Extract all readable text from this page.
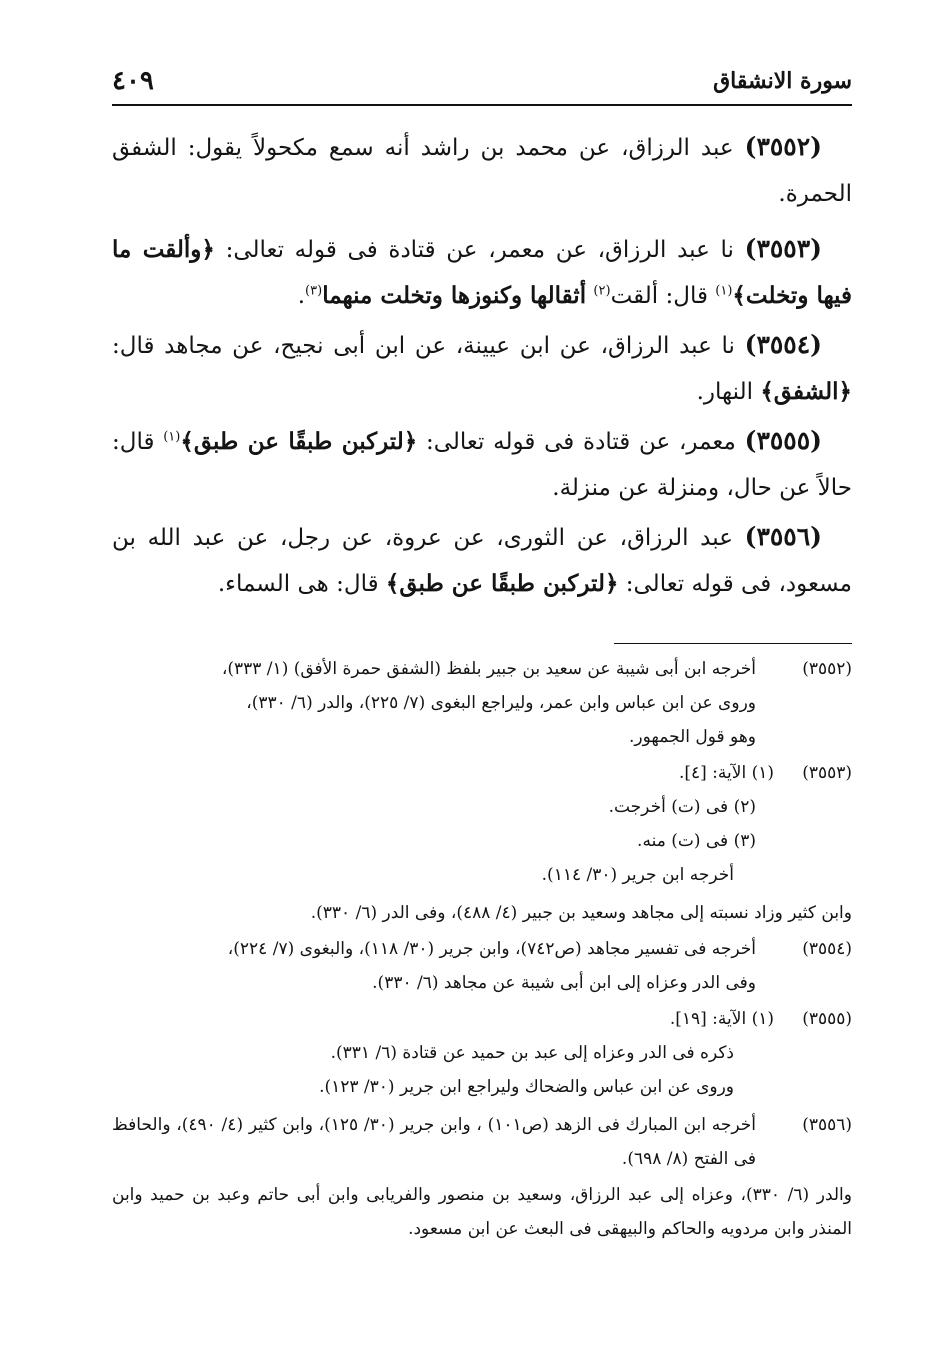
سورة الانشقاق
٤٠٩

(٣٥٥٢) عبد الرزاق، عن محمد بن راشد أنه سمع مكحولاً يقول: الشفق الحمرة.

(٣٥٥٣) نا عبد الرزاق، عن معمر، عن قتادة فى قوله تعالى: ﴿وألقت ما فيها وتخلت﴾$^{(١)}$ قال: ألقت$^{(٢)}$ أثقالها وكنوزها وتخلت منهما$^{(٣)}$.

(٣٥٥٤) نا عبد الرزاق، عن ابن عيينة، عن ابن أبى نجيح، عن مجاهد قال: ﴿الشفق﴾ النهار.

(٣٥٥٥) معمر، عن قتادة فى قوله تعالى: ﴿لتركبن طبقًا عن طبق﴾$^{(١)}$ قال: حالاً عن حال، ومنزلة عن منزلة.

(٣٥٥٦) عبد الرزاق، عن الثورى، عن عروة، عن رجل، عن عبد الله بن مسعود، فى قوله تعالى: ﴿لتركبن طبقًا عن طبق﴾ قال: هى السماء.

(٣٥٥٢)
أخرجه ابن أبى شيبة عن سعيد بن جبير بلفظ (الشفق حمرة الأفق) (١/ ٣٣٣)،
وروى عن ابن عباس وابن عمر، وليراجع البغوى (٧/ ٢٢٥)، والدر (٦/ ٣٣٠)،
وهو قول الجمهور.
(٣٥٥٣)
(١) الآية: [٤].
(٢) فى (ت) أخرجت.
(٣) فى (ت) منه.
أخرجه ابن جرير (٣٠/ ١١٤).
وابن كثير وزاد نسبته إلى مجاهد وسعيد بن جبير (٤/ ٤٨٨)، وفى الدر (٦/ ٣٣٠).
(٣٥٥٤)
أخرجه فى تفسير مجاهد (ص٧٤٢)، وابن جرير (٣٠/ ١١٨)، والبغوى (٧/ ٢٢٤)،
وفى الدر وعزاه إلى ابن أبى شيبة عن مجاهد (٦/ ٣٣٠).
(٣٥٥٥)
(١) الآية: [١٩].
ذكره فى الدر وعزاه إلى عبد بن حميد عن قتادة (٦/ ٣٣١).
وروى عن ابن عباس والضحاك وليراجع ابن جرير (٣٠/ ١٢٣).
(٣٥٥٦)
أخرجه ابن المبارك فى الزهد (ص١٠١) ، وابن جرير (٣٠/ ١٢٥)، وابن كثير (٤/ ٤٩٠)، والحافظ فى الفتح (٨/ ٦٩٨).
والدر (٦/ ٣٣٠)، وعزاه إلى عبد الرزاق، وسعيد بن منصور والفريابى وابن أبى حاتم وعبد بن حميد وابن المنذر وابن مردويه والحاكم والبيهقى فى البعث عن ابن مسعود.
